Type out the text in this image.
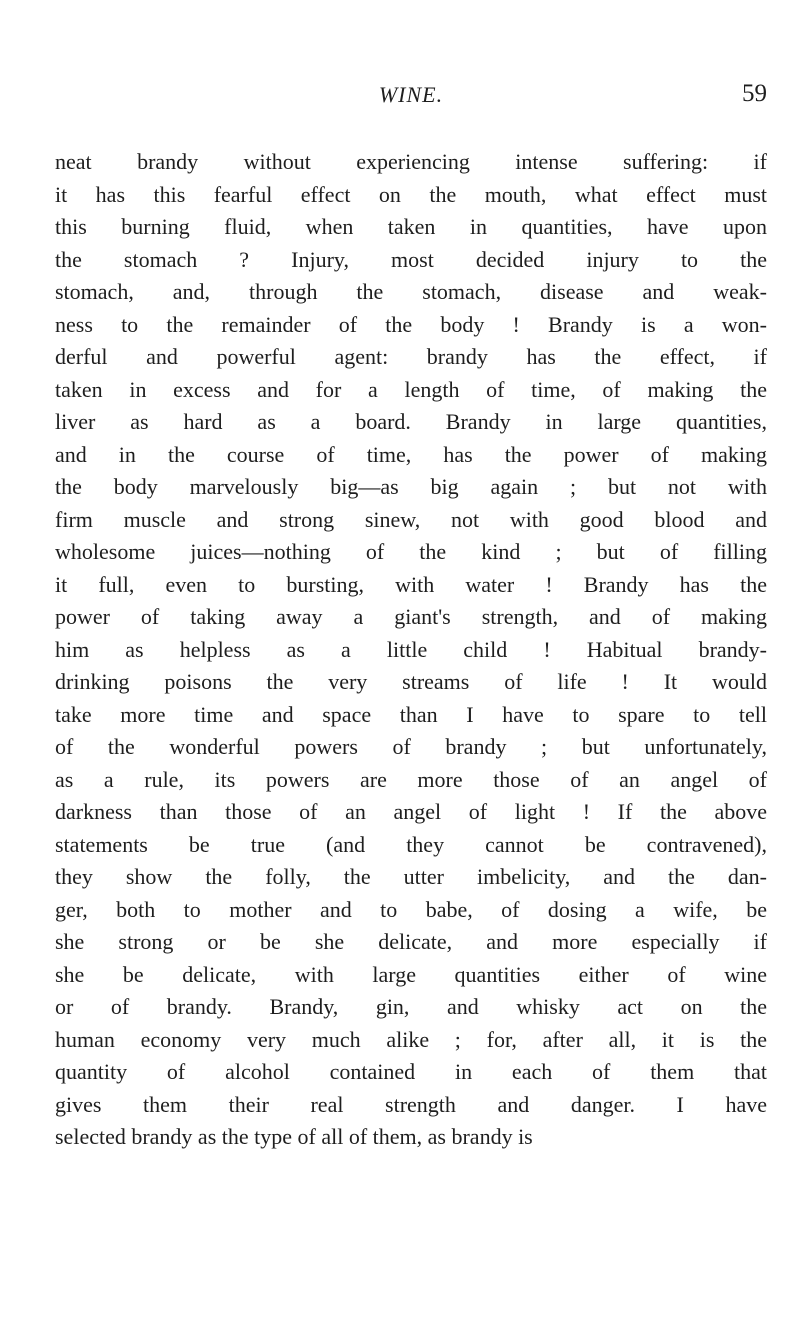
WINE.	59
neat brandy without experiencing intense suffering: if
it has this fearful effect on the mouth, what effect must
this burning fluid, when taken in quantities, have upon
the stomach ? Injury, most decided injury to the
stomach, and, through the stomach, disease and weak-
ness to the remainder of the body ! Brandy is a won-
derful and powerful agent: brandy has the effect, if
taken in excess and for a length of time, of making the
liver as hard as a board. Brandy in large quantities,
and in the course of time, has the power of making
the body marvelously big—as big again ; but not with
firm muscle and strong sinew, not with good blood and
wholesome juices—nothing of the kind ; but of filling
it full, even to bursting, with water ! Brandy has the
power of taking away a giant's strength, and of making
him as helpless as a little child ! Habitual brandy-
drinking poisons the very streams of life ! It would
take more time and space than I have to spare to tell
of the wonderful powers of brandy ; but unfortunately,
as a rule, its powers are more those of an angel of
darkness than those of an angel of light ! If the above
statements be true (and they cannot be contravened),
they show the folly, the utter imbelicity, and the dan-
ger, both to mother and to babe, of dosing a wife, be
she strong or be she delicate, and more especially if
she be delicate, with large quantities either of wine
or of brandy. Brandy, gin, and whisky act on the
human economy very much alike ; for, after all, it is the
quantity of alcohol contained in each of them that
gives them their real strength and danger. I have
selected brandy as the type of all of them, as brandy is
